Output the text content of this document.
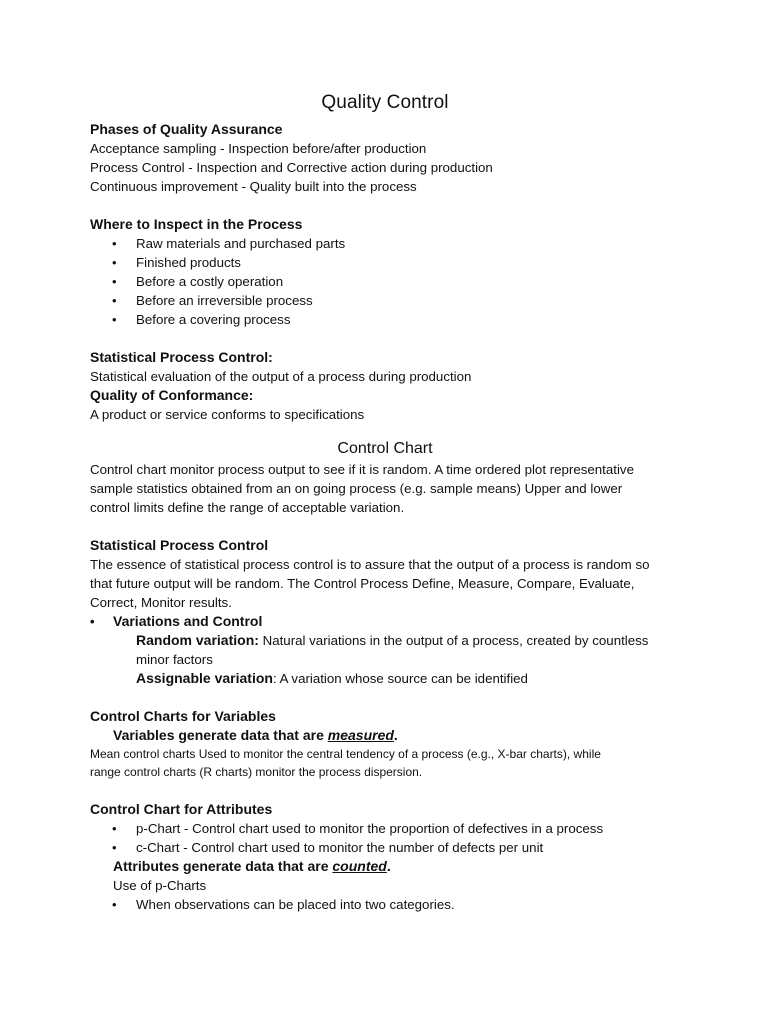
Quality Control
Phases of Quality Assurance
Acceptance sampling - Inspection before/after production
Process Control - Inspection and Corrective action during production
Continuous improvement - Quality built into the process
Where to Inspect in the Process
• Raw materials and purchased parts
• Finished products
• Before a costly operation
• Before an irreversible process
• Before a covering process
Statistical Process Control:
Statistical evaluation of the output of a process during production
Quality of Conformance:
A product or service conforms to specifications
Control Chart
Control chart monitor process output to see if it is random. A time ordered plot representative
sample statistics obtained from an on going process (e.g. sample means) Upper and lower
control limits define the range of acceptable variation.
Statistical Process Control
The essence of statistical process control is to assure that the output of a process is random so
that future output will be random. The Control Process Define, Measure, Compare, Evaluate,
Correct, Monitor results.
• Variations and Control
Random variation: Natural variations in the output of a process, created by countless
minor factors
Assignable variation: A variation whose source can be identified
Control Charts for Variables
Variables generate data that are measured.
Mean control charts Used to monitor the central tendency of a process (e.g., X-bar charts), while
range control charts (R charts) monitor the process dispersion.
Control Chart for Attributes
• p-Chart - Control chart used to monitor the proportion of defectives in a process
• c-Chart - Control chart used to monitor the number of defects per unit
Attributes generate data that are counted.
Use of p-Charts
• When observations can be placed into two categories.
